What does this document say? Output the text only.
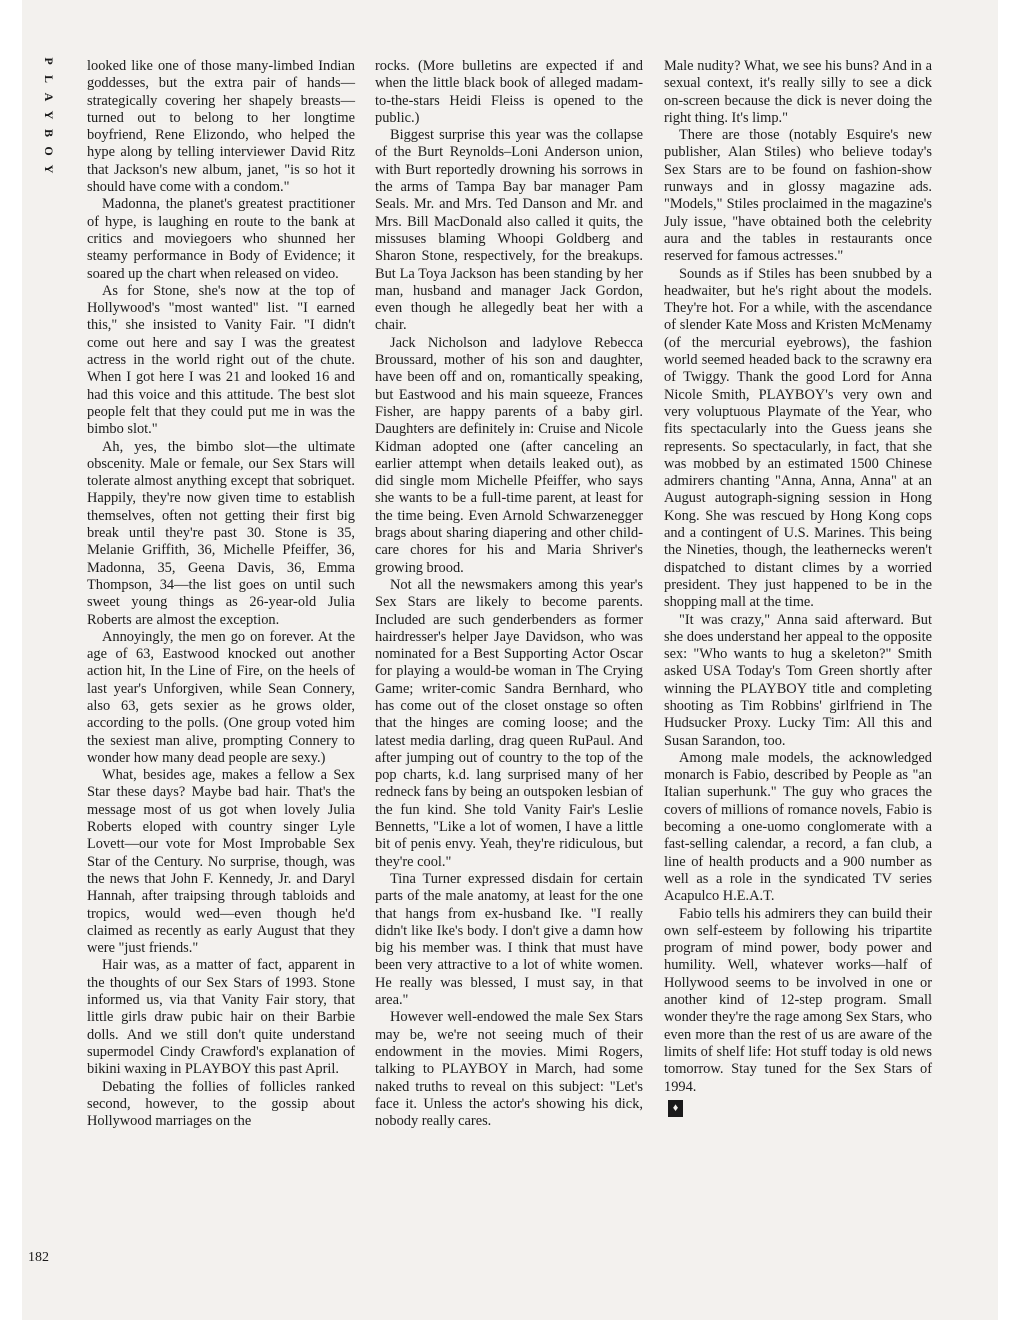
P
L
A
Y
B
O
Y
182

looked like one of those many-limbed Indian goddesses, but the extra pair of hands—strategically covering her shapely breasts—turned out to belong to her longtime boyfriend, Rene Elizondo, who helped the hype along by telling interviewer David Ritz that Jackson's new album, janet, "is so hot it should have come with a condom."

Madonna, the planet's greatest practitioner of hype, is laughing en route to the bank at critics and moviegoers who shunned her steamy performance in Body of Evidence; it soared up the chart when released on video.

As for Stone, she's now at the top of Hollywood's "most wanted" list. "I earned this," she insisted to Vanity Fair. "I didn't come out here and say I was the greatest actress in the world right out of the chute. When I got here I was 21 and looked 16 and had this voice and this attitude. The best slot people felt that they could put me in was the bimbo slot."

Ah, yes, the bimbo slot—the ultimate obscenity. Male or female, our Sex Stars will tolerate almost anything except that sobriquet. Happily, they're now given time to establish themselves, often not getting their first big break until they're past 30. Stone is 35, Melanie Griffith, 36, Michelle Pfeiffer, 36, Madonna, 35, Geena Davis, 36, Emma Thompson, 34—the list goes on until such sweet young things as 26-year-old Julia Roberts are almost the exception.

Annoyingly, the men go on forever. At the age of 63, Eastwood knocked out another action hit, In the Line of Fire, on the heels of last year's Unforgiven, while Sean Connery, also 63, gets sexier as he grows older, according to the polls. (One group voted him the sexiest man alive, prompting Connery to wonder how many dead people are sexy.)

What, besides age, makes a fellow a Sex Star these days? Maybe bad hair. That's the message most of us got when lovely Julia Roberts eloped with country singer Lyle Lovett—our vote for Most Improbable Sex Star of the Century. No surprise, though, was the news that John F. Kennedy, Jr. and Daryl Hannah, after traipsing through tabloids and tropics, would wed—even though he'd claimed as recently as early August that they were "just friends."

Hair was, as a matter of fact, apparent in the thoughts of our Sex Stars of 1993. Stone informed us, via that Vanity Fair story, that little girls draw pubic hair on their Barbie dolls. And we still don't quite understand supermodel Cindy Crawford's explanation of bikini waxing in PLAYBOY this past April.

Debating the follies of follicles ranked second, however, to the gossip about Hollywood marriages on the

rocks. (More bulletins are expected if and when the little black book of alleged madam-to-the-stars Heidi Fleiss is opened to the public.)

Biggest surprise this year was the collapse of the Burt Reynolds–Loni Anderson union, with Burt reportedly drowning his sorrows in the arms of Tampa Bay bar manager Pam Seals. Mr. and Mrs. Ted Danson and Mr. and Mrs. Bill MacDonald also called it quits, the missuses blaming Whoopi Goldberg and Sharon Stone, respectively, for the breakups. But La Toya Jackson has been standing by her man, husband and manager Jack Gordon, even though he allegedly beat her with a chair.

Jack Nicholson and ladylove Rebecca Broussard, mother of his son and daughter, have been off and on, romantically speaking, but Eastwood and his main squeeze, Frances Fisher, are happy parents of a baby girl. Daughters are definitely in: Cruise and Nicole Kidman adopted one (after canceling an earlier attempt when details leaked out), as did single mom Michelle Pfeiffer, who says she wants to be a full-time parent, at least for the time being. Even Arnold Schwarzenegger brags about sharing diapering and other child-care chores for his and Maria Shriver's growing brood.

Not all the newsmakers among this year's Sex Stars are likely to become parents. Included are such genderbenders as former hairdresser's helper Jaye Davidson, who was nominated for a Best Supporting Actor Oscar for playing a would-be woman in The Crying Game; writer-comic Sandra Bernhard, who has come out of the closet onstage so often that the hinges are coming loose; and the latest media darling, drag queen RuPaul. And after jumping out of country to the top of the pop charts, k.d. lang surprised many of her redneck fans by being an outspoken lesbian of the fun kind. She told Vanity Fair's Leslie Bennetts, "Like a lot of women, I have a little bit of penis envy. Yeah, they're ridiculous, but they're cool."

Tina Turner expressed disdain for certain parts of the male anatomy, at least for the one that hangs from ex-husband Ike. "I really didn't like Ike's body. I don't give a damn how big his member was. I think that must have been very attractive to a lot of white women. He really was blessed, I must say, in that area."

However well-endowed the male Sex Stars may be, we're not seeing much of their endowment in the movies. Mimi Rogers, talking to PLAYBOY in March, had some naked truths to reveal on this subject: "Let's face it. Unless the actor's showing his dick, nobody really cares.

Male nudity? What, we see his buns? And in a sexual context, it's really silly to see a dick on-screen because the dick is never doing the right thing. It's limp."

There are those (notably Esquire's new publisher, Alan Stiles) who believe today's Sex Stars are to be found on fashion-show runways and in glossy magazine ads. "Models," Stiles proclaimed in the magazine's July issue, "have obtained both the celebrity aura and the tables in restaurants once reserved for famous actresses."

Sounds as if Stiles has been snubbed by a headwaiter, but he's right about the models. They're hot. For a while, with the ascendance of slender Kate Moss and Kristen McMenamy (of the mercurial eyebrows), the fashion world seemed headed back to the scrawny era of Twiggy. Thank the good Lord for Anna Nicole Smith, PLAYBOY's very own and very voluptuous Playmate of the Year, who fits spectacularly into the Guess jeans she represents. So spectacularly, in fact, that she was mobbed by an estimated 1500 Chinese admirers chanting "Anna, Anna, Anna" at an August autograph-signing session in Hong Kong. She was rescued by Hong Kong cops and a contingent of U.S. Marines. This being the Nineties, though, the leathernecks weren't dispatched to distant climes by a worried president. They just happened to be in the shopping mall at the time.

"It was crazy," Anna said afterward. But she does understand her appeal to the opposite sex: "Who wants to hug a skeleton?" Smith asked USA Today's Tom Green shortly after winning the PLAYBOY title and completing shooting as Tim Robbins' girlfriend in The Hudsucker Proxy. Lucky Tim: All this and Susan Sarandon, too.

Among male models, the acknowledged monarch is Fabio, described by People as "an Italian superhunk." The guy who graces the covers of millions of romance novels, Fabio is becoming a one-uomo conglomerate with a fast-selling calendar, a record, a fan club, a line of health products and a 900 number as well as a role in the syndicated TV series Acapulco H.E.A.T.

Fabio tells his admirers they can build their own self-esteem by following his tripartite program of mind power, body power and humility. Well, whatever works—half of Hollywood seems to be involved in one or another kind of 12-step program. Small wonder they're the rage among Sex Stars, who even more than the rest of us are aware of the limits of shelf life: Hot stuff today is old news tomorrow. Stay tuned for the Sex Stars of 1994.

♦
